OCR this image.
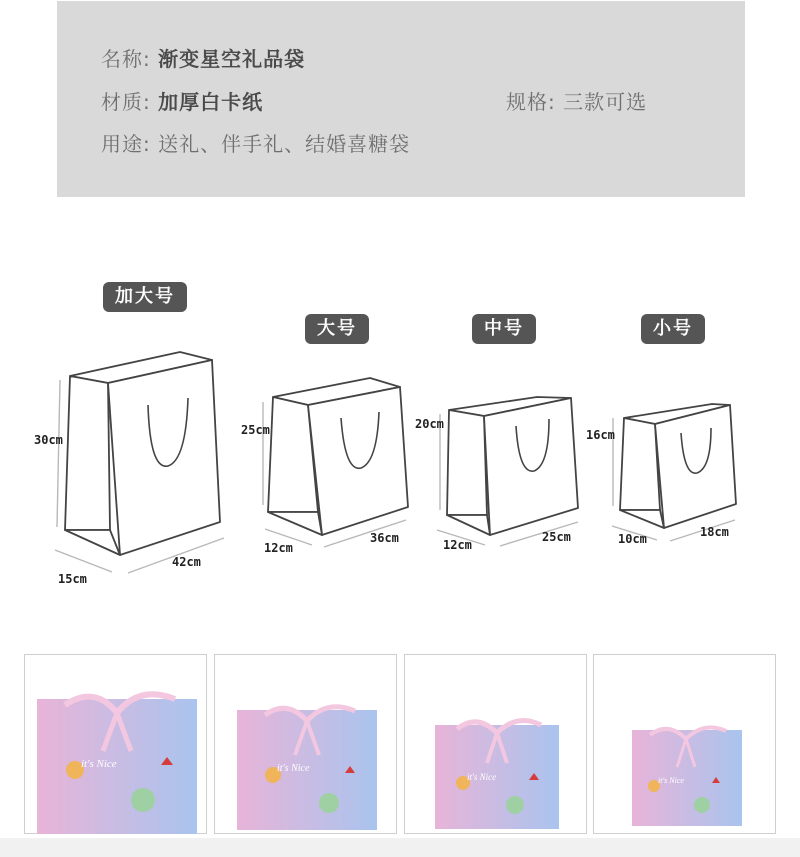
名称: 渐变星空礼品袋
材质: 加厚白卡纸	规格: 三款可选
用途: 送礼、伴手礼、结婚喜糖袋
加大号
大号	中号	小号
30cm
15cm
42cm
25cm
12cm
36cm
20cm
12cm
25cm
16cm
10cm	18cm
it's Nice	it's Nice
it's Nice	it's Nice
